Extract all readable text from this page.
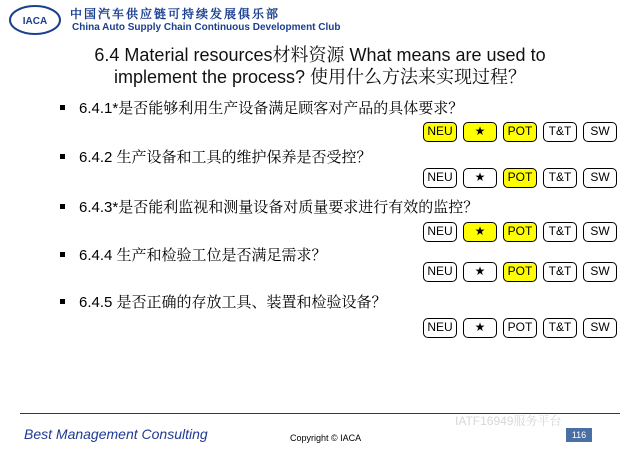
IACA
中国汽车供应链可持续发展俱乐部
China Auto Supply Chain Continuous Development Club
6.4 Material resources材料资源 What means are used to
implement the process? 使用什么方法来实现过程？
6.4.1*是否能够利用生产设备满足顾客对产品的具体要求？
NEU	★	POT	T&T	SW
6.4.2 生产设备和工具的维护保养是否受控？
NEU	★	POT	T&T	SW
6.4.3*是否能利监视和测量设备对质量要求进行有效的监控？
NEU	★	POT	T&T	SW
6.4.4 生产和检验工位是否满足需求？
NEU	★	POT	T&T	SW
6.4.5 是否正确的存放工具、装置和检验设备？
NEU	★	POT	T&T	SW
IATF16949服务平台
Best Management Consulting	Copyright © IACA	116
